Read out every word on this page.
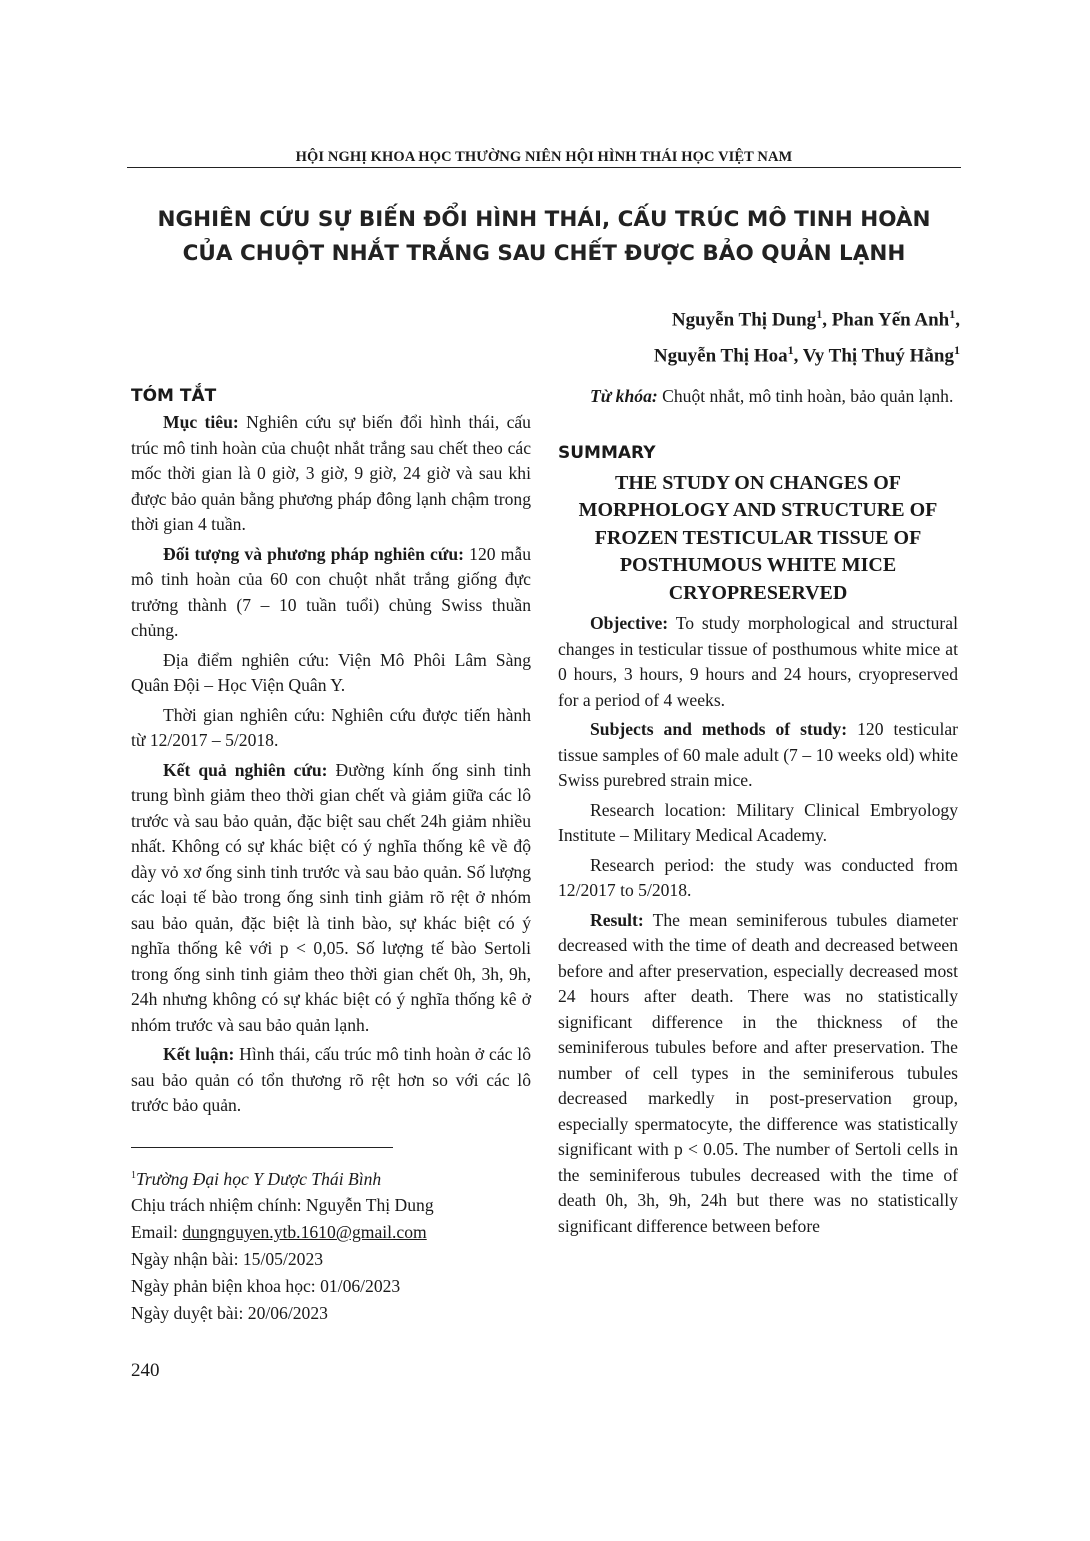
HỘI NGHỊ KHOA HỌC THƯỜNG NIÊN HỘI HÌNH THÁI HỌC VIỆT NAM
NGHIÊN CỨU SỰ BIẾN ĐỔI HÌNH THÁI, CẤU TRÚC MÔ TINH HOÀN
CỦA CHUỘT NHẮT TRẮNG SAU CHẾT ĐƯỢC BẢO QUẢN LẠNH
Nguyễn Thị Dung$^1$, Phan Yến Anh$^1$,
Nguyễn Thị Hoa$^1$, Vy Thị Thuý Hằng$^1$
TÓM TẮT

Mục tiêu: Nghiên cứu sự biến đổi hình thái, cấu trúc mô tinh hoàn của chuột nhắt trắng sau chết theo các mốc thời gian là 0 giờ, 3 giờ, 9 giờ, 24 giờ và sau khi được bảo quản bằng phương pháp đông lạnh chậm trong thời gian 4 tuần.

Đối tượng và phương pháp nghiên cứu: 120 mẫu mô tinh hoàn của 60 con chuột nhắt trắng giống đực trưởng thành (7 – 10 tuần tuổi) chủng Swiss thuần chủng.

Địa điểm nghiên cứu: Viện Mô Phôi Lâm Sàng Quân Đội – Học Viện Quân Y.

Thời gian nghiên cứu: Nghiên cứu được tiến hành từ 12/2017 – 5/2018.

Kết quả nghiên cứu: Đường kính ống sinh tinh trung bình giảm theo thời gian chết và giảm giữa các lô trước và sau bảo quản, đặc biệt sau chết 24h giảm nhiều nhất. Không có sự khác biệt có ý nghĩa thống kê về độ dày vỏ xơ ống sinh tinh trước và sau bảo quản. Số lượng các loại tế bào trong ống sinh tinh giảm rõ rệt ở nhóm sau bảo quản, đặc biệt là tinh bào, sự khác biệt có ý nghĩa thống kê với p < 0,05. Số lượng tế bào Sertoli trong ống sinh tinh giảm theo thời gian chết 0h, 3h, 9h, 24h nhưng không có sự khác biệt có ý nghĩa thống kê ở nhóm trước và sau bảo quản lạnh.

Kết luận: Hình thái, cấu trúc mô tinh hoàn ở các lô sau bảo quản có tổn thương rõ rệt hơn so với các lô trước bảo quản.

$^1$Trường Đại học Y Dược Thái Bình
Chịu trách nhiệm chính: Nguyễn Thị Dung
Email: dungnguyen.ytb.1610@gmail.com
Ngày nhận bài: 15/05/2023
Ngày phản biện khoa học: 01/06/2023
Ngày duyệt bài: 20/06/2023

Từ khóa: Chuột nhắt, mô tinh hoàn, bảo quản lạnh.

SUMMARY
THE STUDY ON CHANGES OF MORPHOLOGY AND STRUCTURE OF FROZEN TESTICULAR TISSUE OF POSTHUMOUS WHITE MICE CRYOPRESERVED

Objective: To study morphological and structural changes in testicular tissue of posthumous white mice at 0 hours, 3 hours, 9 hours and 24 hours, cryopreserved for a period of 4 weeks.

Subjects and methods of study: 120 testicular tissue samples of 60 male adult (7 – 10 weeks old) white Swiss purebred strain mice.

Research location: Military Clinical Embryology Institute – Military Medical Academy.

Research period: the study was conducted from 12/2017 to 5/2018.

Result: The mean seminiferous tubules diameter decreased with the time of death and decreased between before and after preservation, especially decreased most 24 hours after death. There was no statistically significant difference in the thickness of the seminiferous tubules before and after preservation. The number of cell types in the seminiferous tubules decreased markedly in post-preservation group, especially spermatocyte, the difference was statistically significant with p < 0.05. The number of Sertoli cells in the seminiferous tubules decreased with the time of death 0h, 3h, 9h, 24h but there was no statistically significant difference between before

240
